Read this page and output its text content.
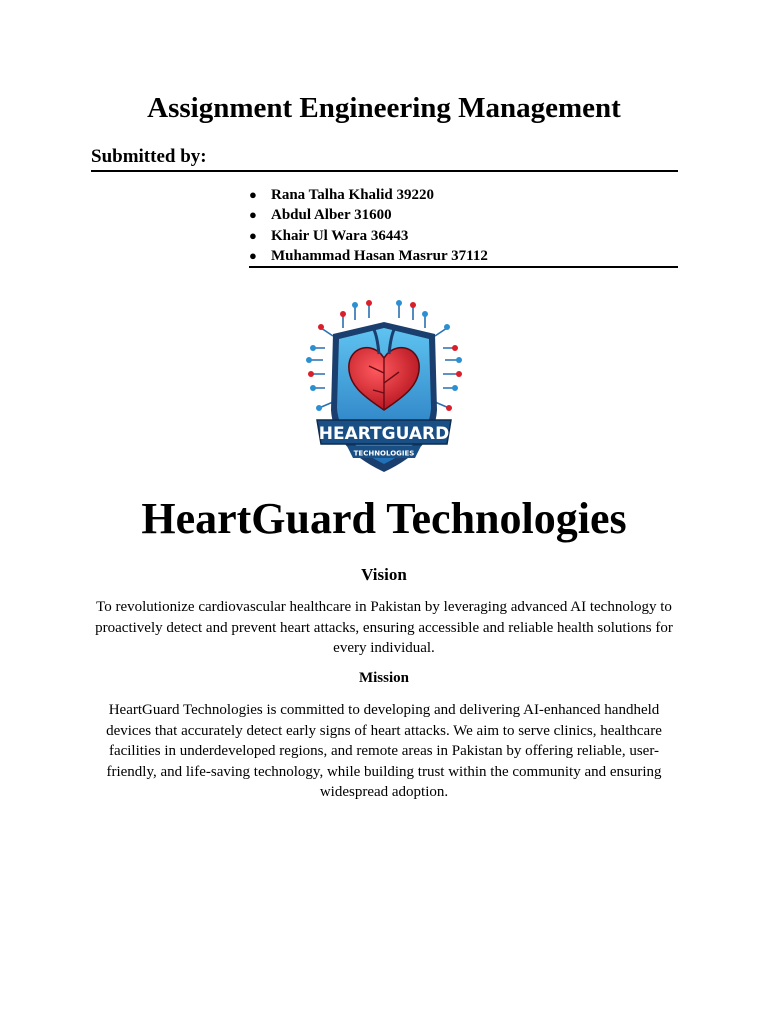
Assignment Engineering Management
Submitted by:
● Rana Talha Khalid 39220
● Abdul Alber 31600
● Khair Ul Wara 36443
● Muhammad Hasan Masrur 37112
HEARTGUARD
TECHNOLOGIES
HeartGuard Technologies
Vision

To revolutionize cardiovascular healthcare in Pakistan by leveraging advanced AI technology to proactively detect and prevent heart attacks, ensuring accessible and reliable health solutions for every individual.

Mission

HeartGuard Technologies is committed to developing and delivering AI-enhanced handheld devices that accurately detect early signs of heart attacks. We aim to serve clinics, healthcare facilities in underdeveloped regions, and remote areas in Pakistan by offering reliable, user-friendly, and life-saving technology, while building trust within the community and ensuring widespread adoption.
